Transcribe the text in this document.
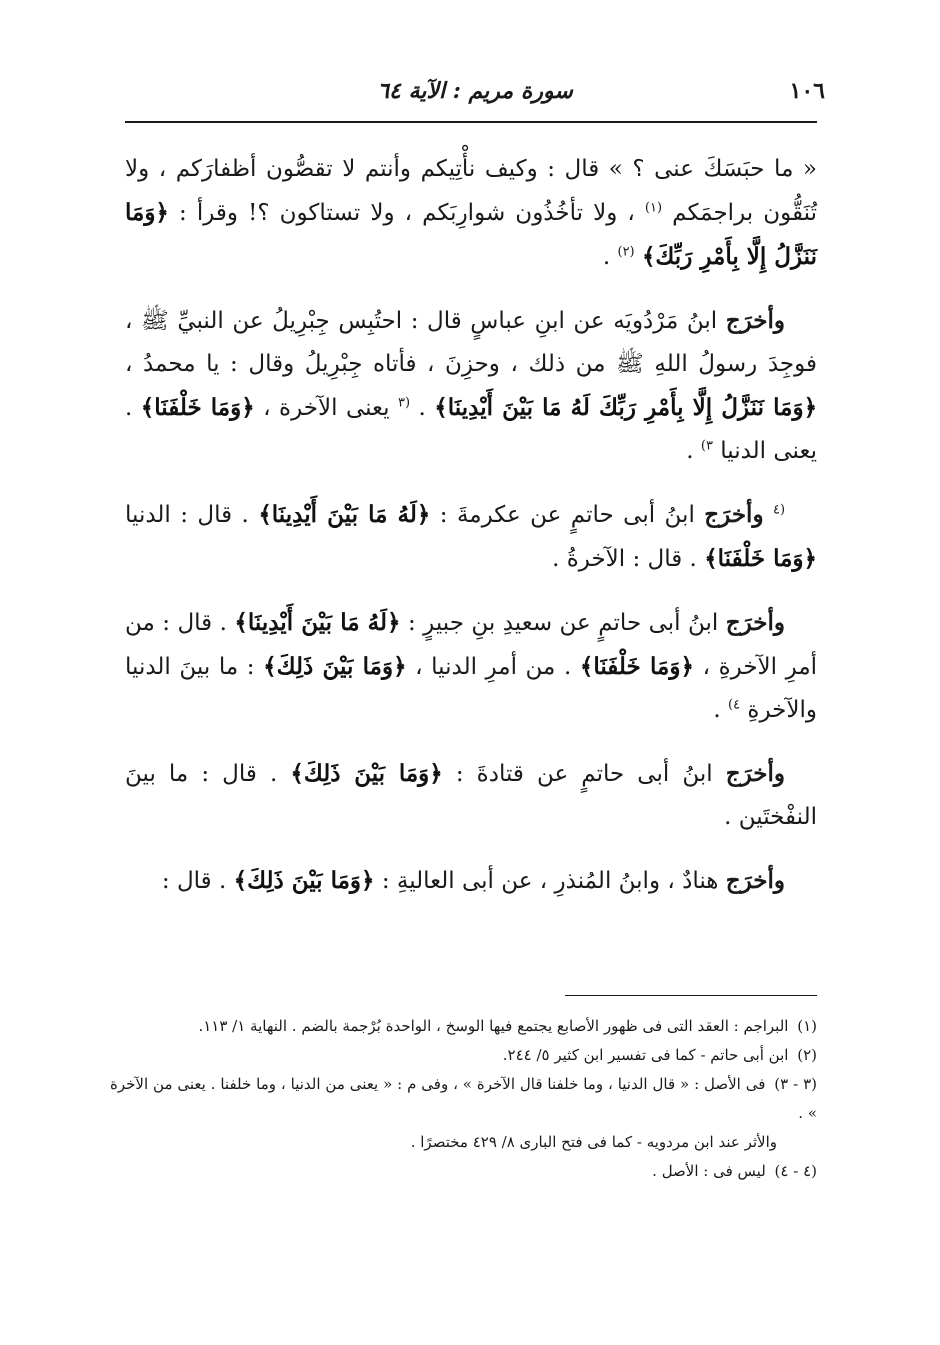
١٠٦
سورة مريم : الآية ٦٤

« ما حبَسَكَ عنى ؟ » قال : وكيف نأْتِيكم وأنتم لا تقصُّون أظفارَكم ، ولا تُنَقُّون براجمَكم $^{(١)}$ ، ولا تأخُذُون شوارِبَكم ، ولا تستاكون ؟! وقرأ : ﴿وَمَا نَنَزَّلُ إِلَّا بِأَمْرِ رَبِّكَ﴾ $^{(٢)}$ .

وأخرَج ابنُ مَرْدُويَه عن ابنِ عباسٍ قال : احتُبِس جِبْرِيلُ عن النبيِّ ﷺ ، فوجِدَ رسولُ اللهِ ﷺ من ذلك ، وحزِنَ ، فأتاه جِبْرِيلُ وقال : يا محمدُ ، ﴿وَمَا نَنَزَّلُ إِلَّا بِأَمْرِ رَبِّكَ لَهُ مَا بَيْنَ أَيْدِينَا﴾ . $^{(٣}$ يعنى الآخرة ، ﴿وَمَا خَلْفَنَا﴾ . يعنى الدنيا $^{٣)}$ .

$^{(٤}$ وأخرَج ابنُ أبى حاتمٍ عن عكرمةَ : ﴿لَهُ مَا بَيْنَ أَيْدِينَا﴾ . قال : الدنيا ﴿وَمَا خَلْفَنَا﴾ . قال : الآخرةُ .

وأخرَج ابنُ أبى حاتمٍ عن سعيدِ بنِ جبيرٍ : ﴿لَهُ مَا بَيْنَ أَيْدِينَا﴾ . قال : من أمرِ الآخرةِ ، ﴿وَمَا خَلْفَنَا﴾ . من أمرِ الدنيا ، ﴿وَمَا بَيْنَ ذَلِكَ﴾ : ما بينَ الدنيا والآخرةِ $^{٤)}$ .

وأخرَج ابنُ أبى حاتمٍ عن قتادةَ : ﴿وَمَا بَيْنَ ذَلِكَ﴾ . قال : ما بينَ النفْختَين .

وأخرَج هنادٌ ، وابنُ المُنذرِ ، عن أبى العاليةِ : ﴿وَمَا بَيْنَ ذَلِكَ﴾ . قال :

(١) البراجم : العقد التى فى ظهور الأصابع يجتمع فيها الوسخ ، الواحدة بُرْجمة بالضم . النهاية ١/ ١١٣.

(٢) ابن أبى حاتم - كما فى تفسير ابن كثير ٥/ ٢٤٤.

(٣ - ٣) فى الأصل : « قال الدنيا ، وما خلفنا قال الآخرة » ، وفى م : « يعنى من الدنيا ، وما خلفنا . يعنى من الآخرة » .

والأثر عند ابن مردويه - كما فى فتح البارى ٨/ ٤٢٩ مختصرًا .

(٤ - ٤) ليس فى : الأصل .
